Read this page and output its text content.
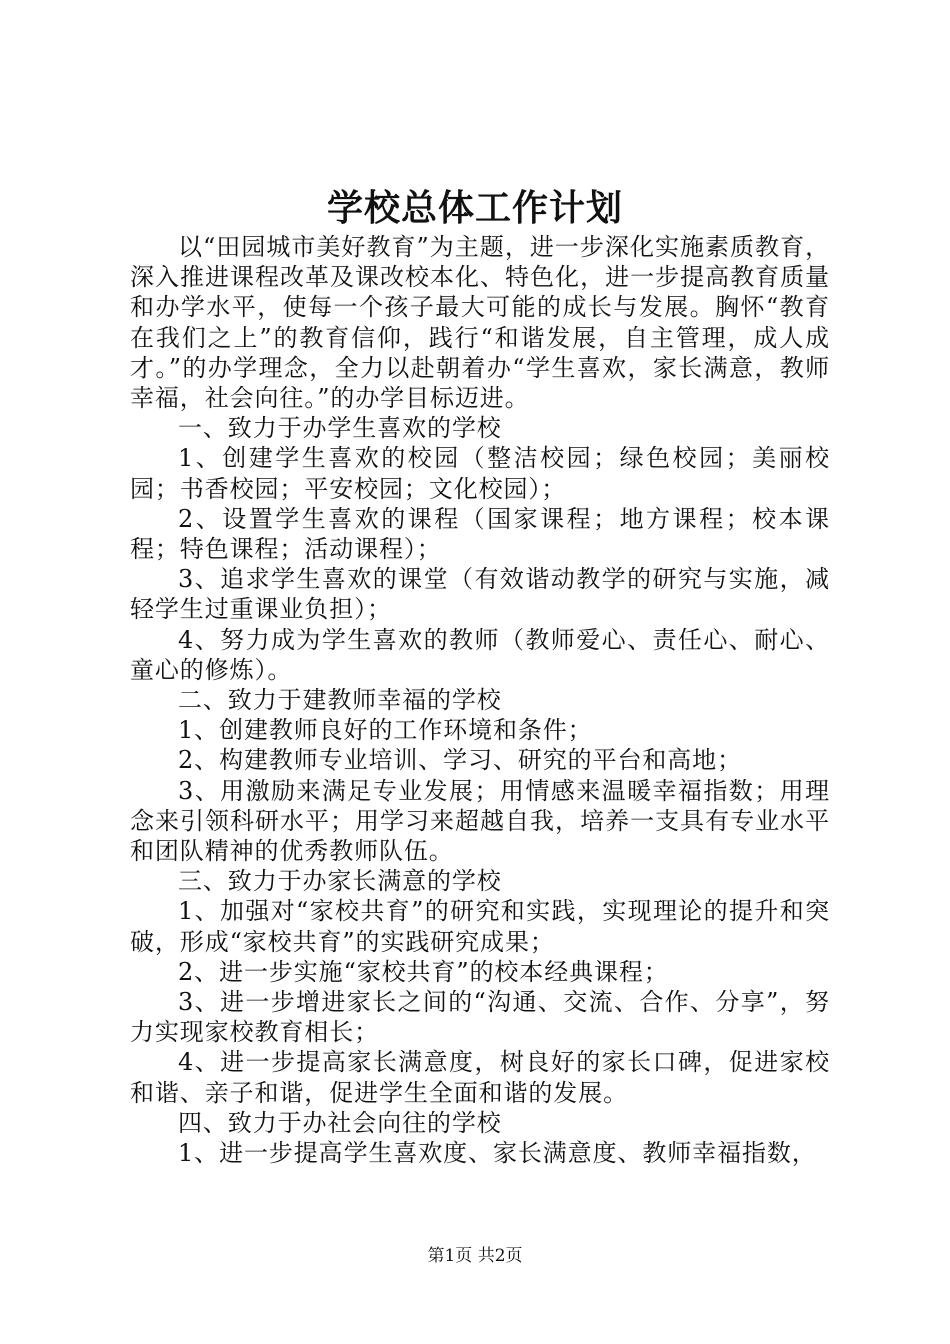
学校总体工作计划

以“田园城市美好教育”为主题，进一步深化实施素质教育，深入推进课程改革及课改校本化、特色化，进一步提高教育质量和办学水平，使每一个孩子最大可能的成长与发展。胸怀“教育在我们之上”的教育信仰，践行“和谐发展，自主管理，成人成才。”的办学理念，全力以赴朝着办“学生喜欢，家长满意，教师幸福，社会向往。”的办学目标迈进。

一、致力于办学生喜欢的学校

1、创建学生喜欢的校园（整洁校园；绿色校园；美丽校园；书香校园；平安校园；文化校园）；

2、设置学生喜欢的课程（国家课程；地方课程；校本课程；特色课程；活动课程）；

3、追求学生喜欢的课堂（有效谐动教学的研究与实施，减轻学生过重课业负担）；

4、努力成为学生喜欢的教师（教师爱心、责任心、耐心、童心的修炼）。

二、致力于建教师幸福的学校

1、创建教师良好的工作环境和条件；

2、构建教师专业培训、学习、研究的平台和高地；

3、用激励来满足专业发展；用情感来温暖幸福指数；用理念来引领科研水平；用学习来超越自我，培养一支具有专业水平和团队精神的优秀教师队伍。

三、致力于办家长满意的学校

1、加强对“家校共育”的研究和实践，实现理论的提升和突破，形成“家校共育”的实践研究成果；

2、进一步实施“家校共育”的校本经典课程；

3、进一步增进家长之间的“沟通、交流、合作、分享”，努力实现家校教育相长；

4、进一步提高家长满意度，树良好的家长口碑，促进家校和谐、亲子和谐，促进学生全面和谐的发展。

四、致力于办社会向往的学校

1、进一步提高学生喜欢度、家长满意度、教师幸福指数，

第1页 共2页
